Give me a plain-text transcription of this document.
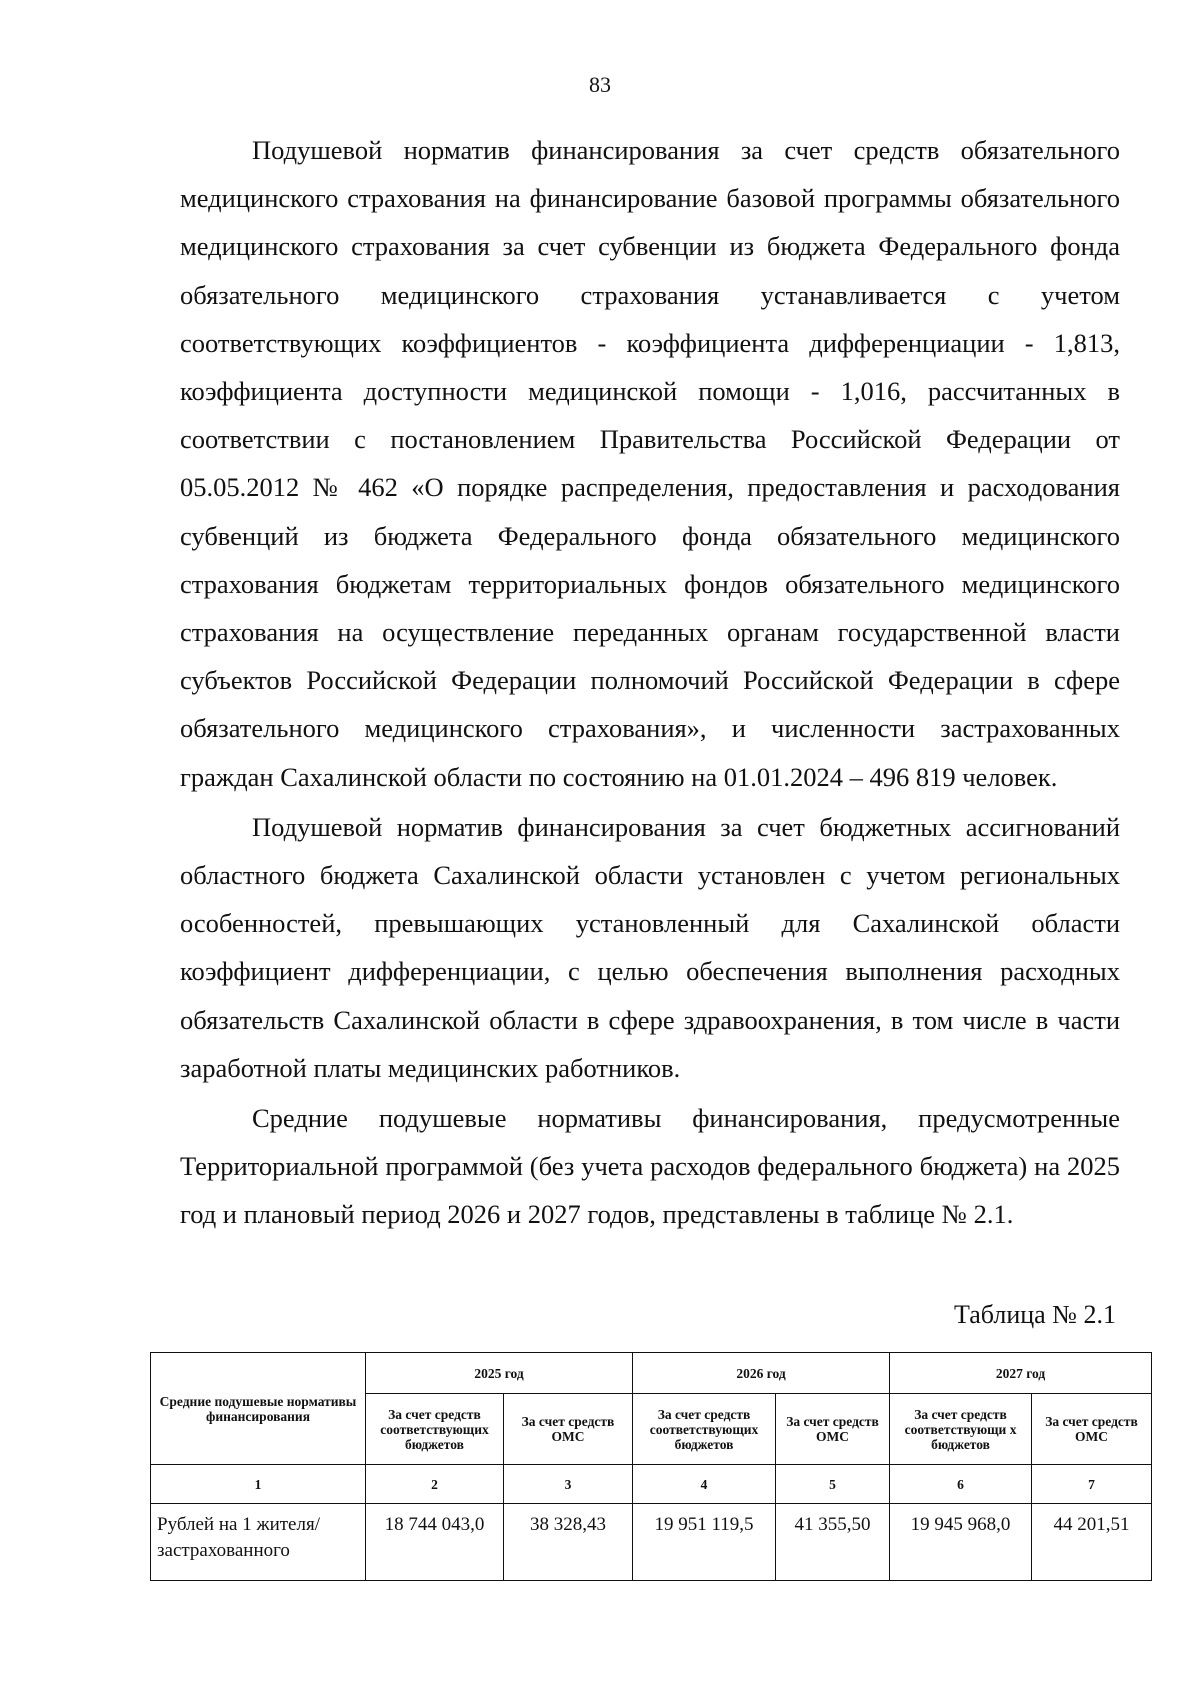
83

Подушевой норматив финансирования за счет средств обязательного медицинского страхования на финансирование базовой программы обязательного медицинского страхования за счет субвенции из бюджета Федерального фонда обязательного медицинского страхования устанавливается с учетом соответствующих коэффициентов - коэффициента дифференциации - 1,813, коэффициента доступности медицинской помощи - 1,016, рассчитанных в соответствии с постановлением Правительства Российской Федерации от 05.05.2012 № 462 «О порядке распределения, предоставления и расходования субвенций из бюджета Федерального фонда обязательного медицинского страхования бюджетам территориальных фондов обязательного медицинского страхования на осуществление переданных органам государственной власти субъектов Российской Федерации полномочий Российской Федерации в сфере обязательного медицинского страхования», и численности застрахованных граждан Сахалинской области по состоянию на 01.01.2024 – 496 819 человек.

Подушевой норматив финансирования за счет бюджетных ассигнований областного бюджета Сахалинской области установлен с учетом региональных особенностей, превышающих установленный для Сахалинской области коэффициент дифференциации, с целью обеспечения выполнения расходных обязательств Сахалинской области в сфере здравоохранения, в том числе в части заработной платы медицинских работников.

Средние подушевые нормативы финансирования, предусмотренные Территориальной программой (без учета расходов федерального бюджета) на 2025 год и плановый период 2026 и 2027 годов, представлены в таблице № 2.1.

Таблица № 2.1
Средние подушевые нормативы финансирования	2025 год		2026 год		2027 год	
	За счет средств соответствующих бюджетов	За счет средств ОМС	За счет средств соответствующих бюджетов	За счет средств ОМС	За счет средств соответствующи х бюджетов	За счет средств ОМС
1	2	3	4	5	6	7
Рублей на 1 жителя/ застрахованного	18 744 043,0	38 328,43	19 951 119,5	41 355,50	19 945 968,0	44 201,51
